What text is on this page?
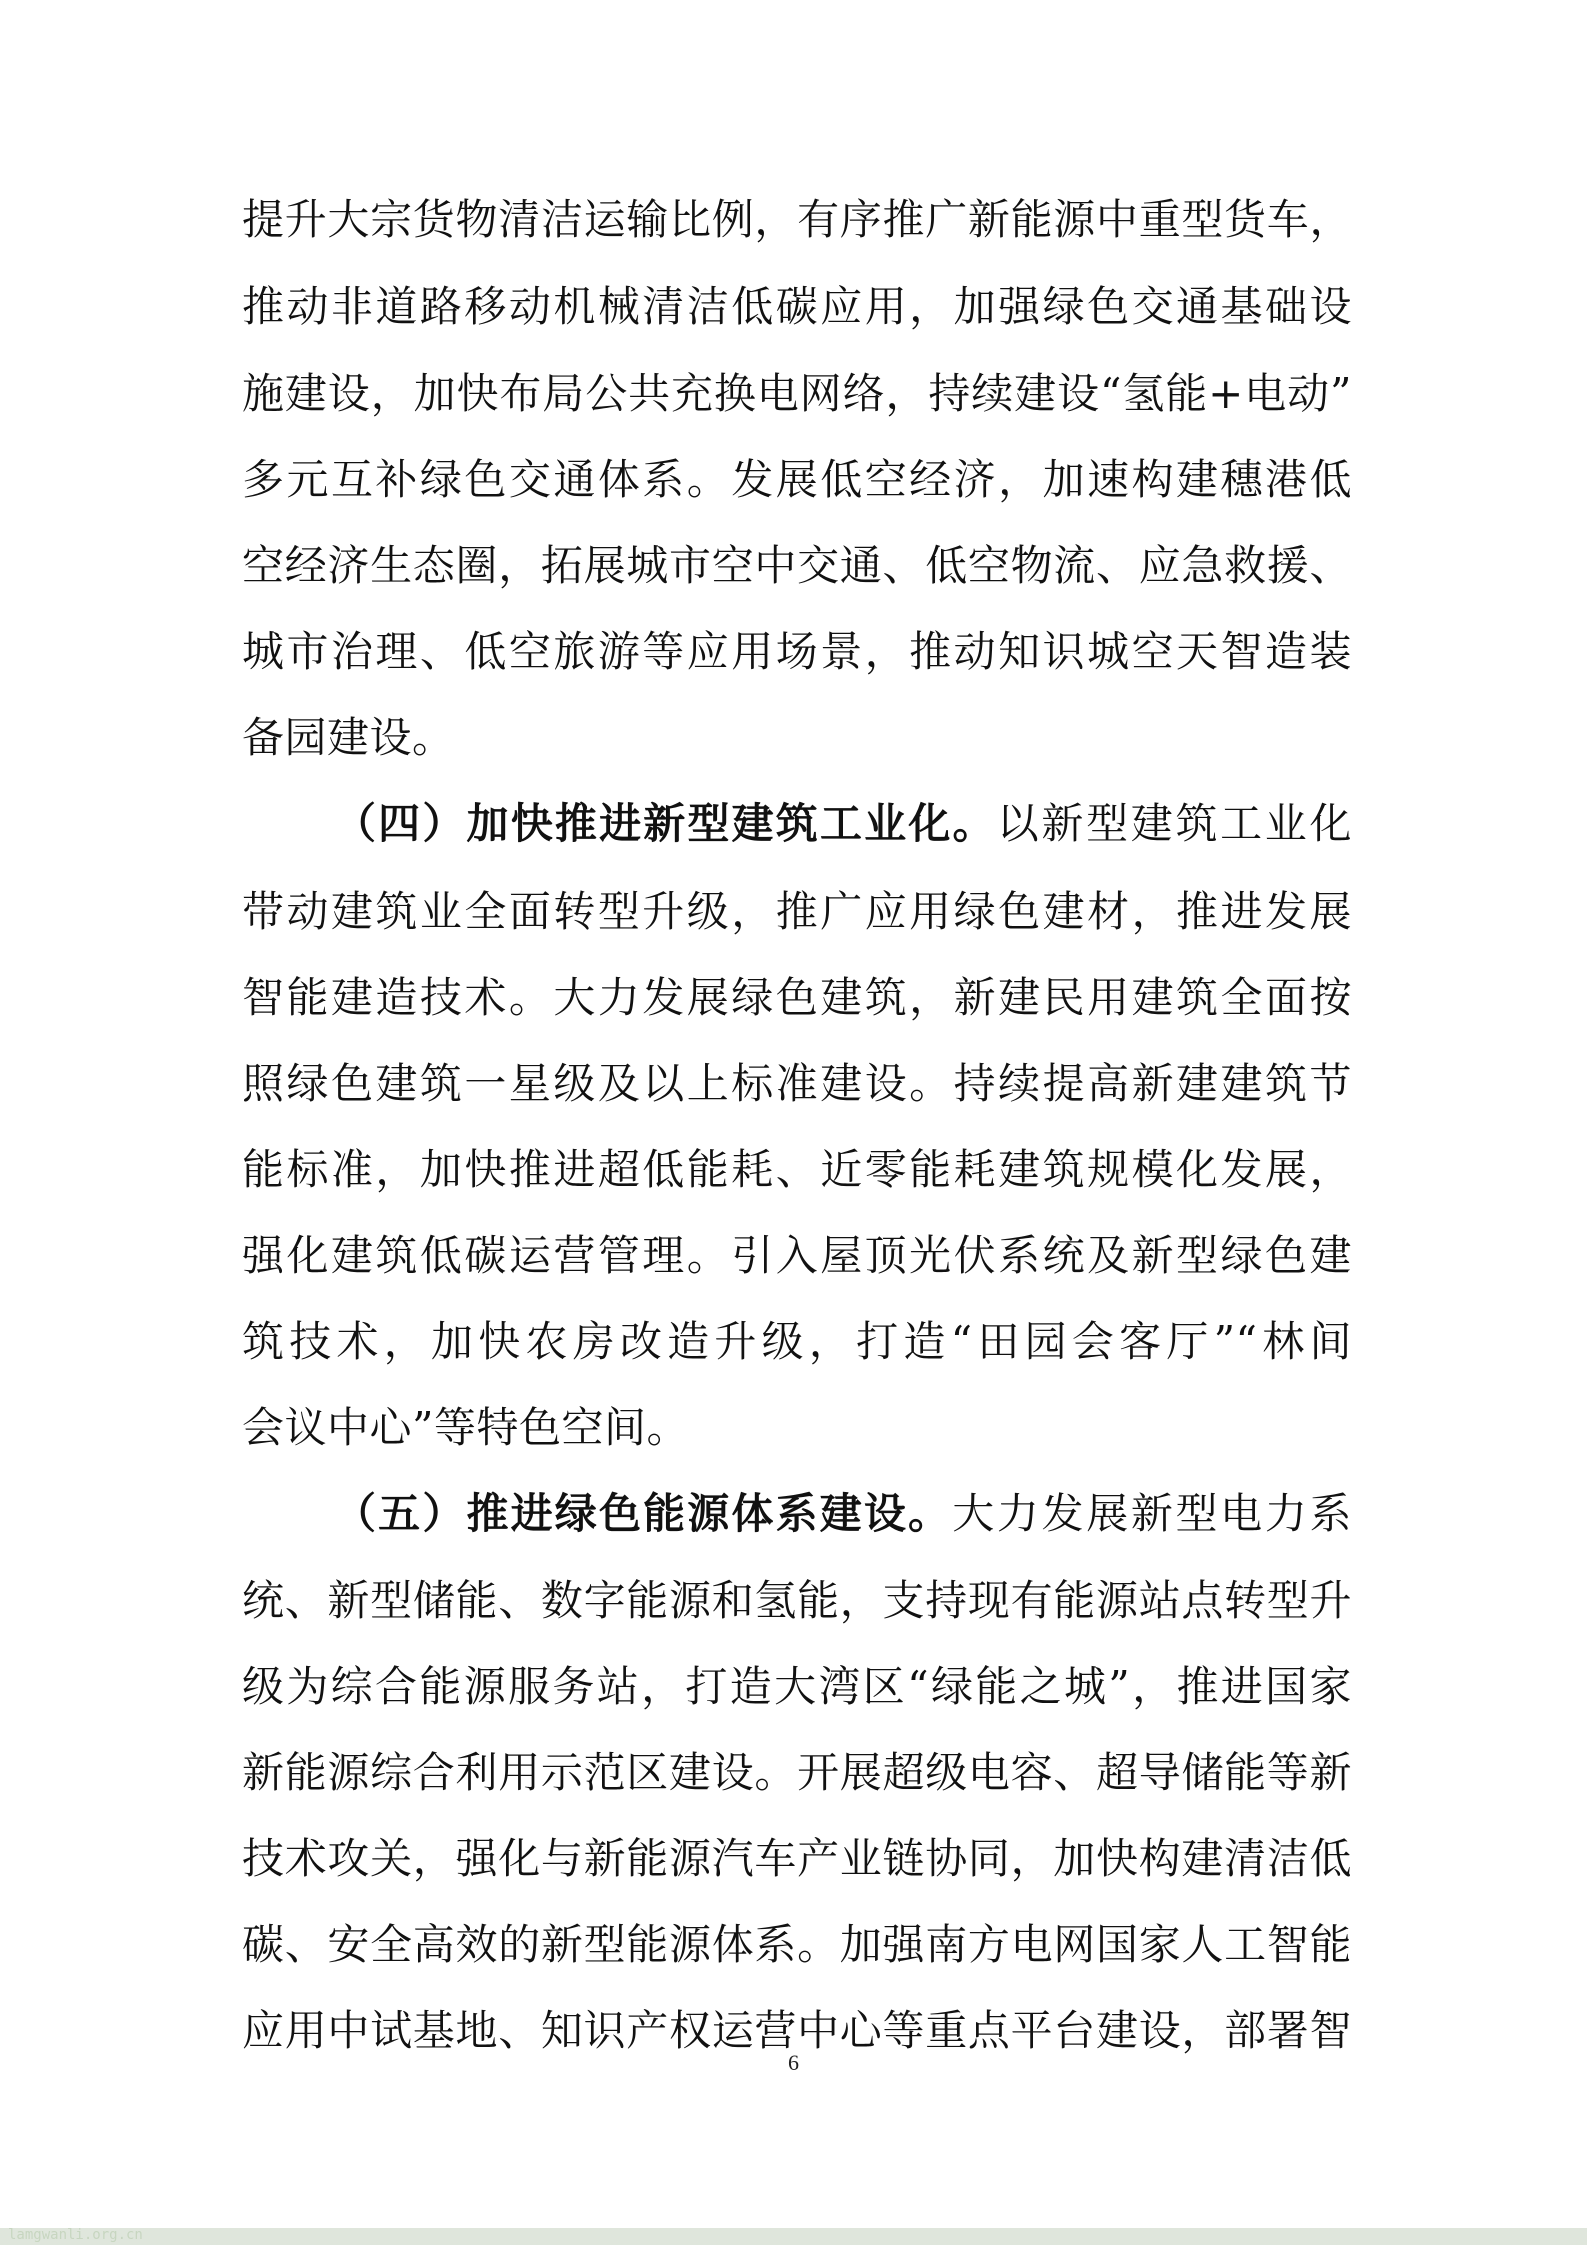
提升大宗货物清洁运输比例，有序推广新能源中重型货车，
推动非道路移动机械清洁低碳应用，加强绿色交通基础设
施建设，加快布局公共充换电网络，持续建设“氢能+电动”
多元互补绿色交通体系。发展低空经济，加速构建穗港低
空经济生态圈，拓展城市空中交通、低空物流、应急救援、
城市治理、低空旅游等应用场景，推动知识城空天智造装
备园建设。
（四）加快推进新型建筑工业化。以新型建筑工业化
带动建筑业全面转型升级，推广应用绿色建材，推进发展
智能建造技术。大力发展绿色建筑，新建民用建筑全面按
照绿色建筑一星级及以上标准建设。持续提高新建建筑节
能标准，加快推进超低能耗、近零能耗建筑规模化发展，
强化建筑低碳运营管理。引入屋顶光伏系统及新型绿色建
筑技术，加快农房改造升级，打造“田园会客厅”“林间
会议中心”等特色空间。
（五）推进绿色能源体系建设。大力发展新型电力系
统、新型储能、数字能源和氢能，支持现有能源站点转型升
级为综合能源服务站，打造大湾区“绿能之城”，推进国家
新能源综合利用示范区建设。开展超级电容、超导储能等新
技术攻关，强化与新能源汽车产业链协同，加快构建清洁低
碳、安全高效的新型能源体系。加强南方电网国家人工智能
应用中试基地、知识产权运营中心等重点平台建设，部署智
6
lamgwanli.org.cn
